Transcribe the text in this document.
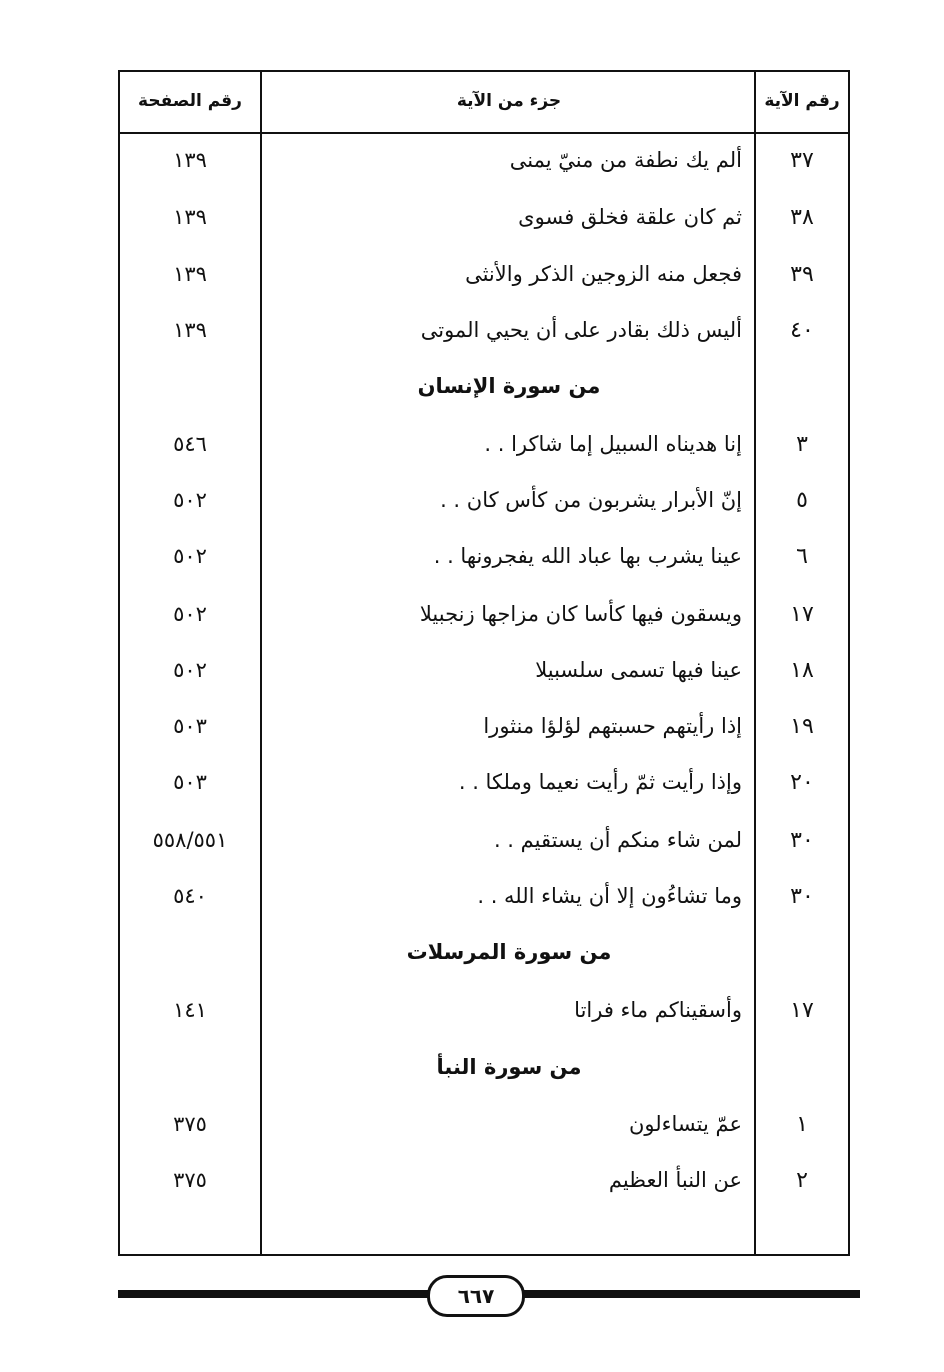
رقم الآية
جزء من الآية
رقم الصفحة
٣٧
ألم يك نطفة من منيّ يمنى
١٣٩
٣٨
ثم كان علقة فخلق فسوى
١٣٩
٣٩
فجعل منه الزوجين الذكر والأنثى
١٣٩
٤٠
أليس ذلك بقادر على أن يحيي الموتى
١٣٩
من سورة الإنسان
٣
إنا هديناه السبيل إما شاكرا . .
٥٤٦
٥
إنّ الأبرار يشربون من كأس كان . .
٥٠٢
٦
عينا يشرب بها عباد الله يفجرونها . .
٥٠٢
١٧
ويسقون فيها كأسا كان مزاجها زنجبيلا
٥٠٢
١٨
عينا فيها تسمى سلسبيلا
٥٠٢
١٩
إذا رأيتهم حسبتهم لؤلؤا منثورا
٥٠٣
٢٠
وإذا رأيت ثمّ رأيت نعيما وملكا . .
٥٠٣
٣٠
لمن شاء منكم أن يستقيم . .
٥٥٨/٥٥١
٣٠
وما تشاءُون إلا أن يشاء الله . .
٥٤٠
من سورة المرسلات
١٧
وأسقيناكم ماء فراتا
١٤١
من سورة النبأ
١
عمّ يتساءلون
٣٧٥
٢
عن النبأ العظيم
٣٧٥
٦٦٧
